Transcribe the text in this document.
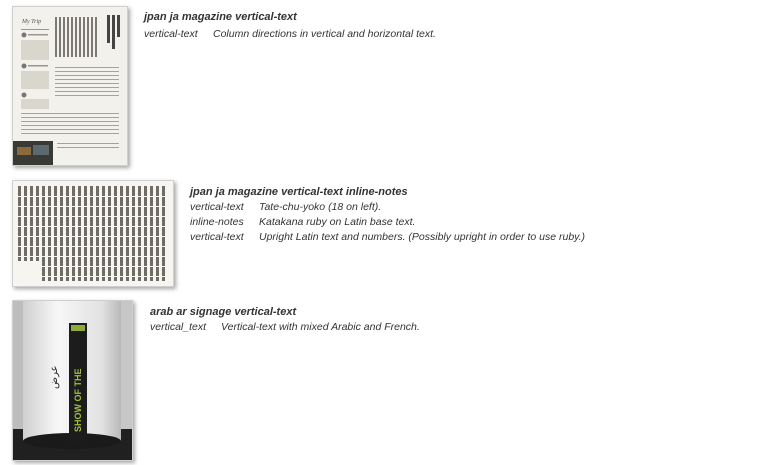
My Trip	jpan ja magazine vertical-text
vertical-text Column directions in vertical and horizontal text.
jpan ja magazine vertical-text inline-notes
vertical-text Tate-chu-yoko (18 on left).
inline-notes Katakana ruby on Latin base text.
vertical-text Upright Latin text and numbers. (Possibly upright in order to use ruby.)
SHOW OF THE
عرض
arab ar signage vertical-text
vertical_text Vertical-text with mixed Arabic and French.
